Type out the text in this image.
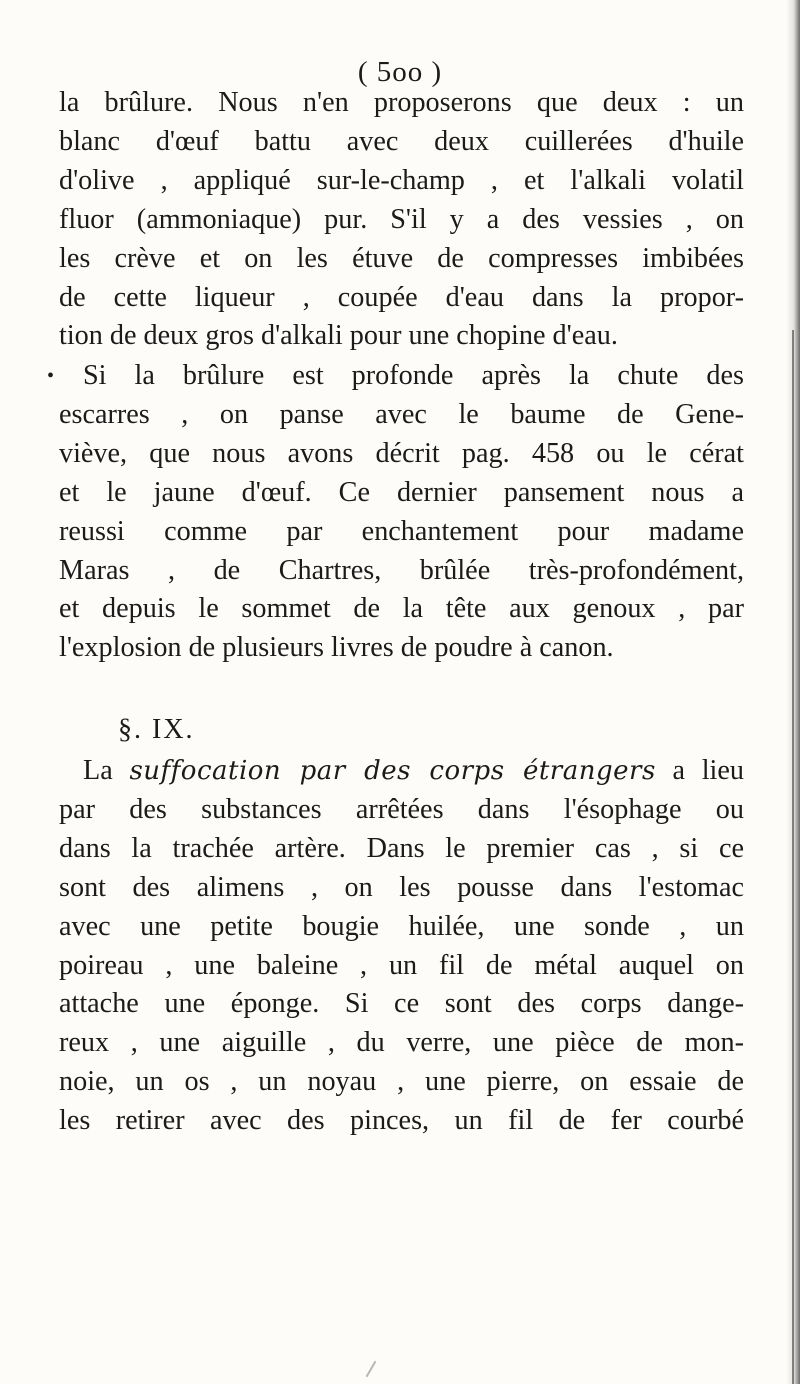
( 5oo )
la brûlure. Nous n'en proposerons que deux : un
blanc d'œuf battu avec deux cuillerées d'huile
d'olive , appliqué sur-le-champ , et l'alkali volatil
fluor (ammoniaque) pur. S'il y a des vessies , on
les crève et on les étuve de compresses imbibées
de cette liqueur , coupée d'eau dans la propor-
tion de deux gros d'alkali pour une chopine d'eau.
• Si la brûlure est profonde après la chute des
escarres , on panse avec le baume de Gene-
viève, que nous avons décrit pag. 458 ou le cérat
et le jaune d'œuf. Ce dernier pansement nous a
reussi comme par enchantement pour madame
Maras , de Chartres, brûlée très-profondément,
et depuis le sommet de la tête aux genoux , par
l'explosion de plusieurs livres de poudre à canon.
§. IX.
La suffocation par des corps étrangers a lieu
par des substances arrêtées dans l'ésophage ou
dans la trachée artère. Dans le premier cas , si ce
sont des alimens , on les pousse dans l'estomac
avec une petite bougie huilée, une sonde , un
poireau , une baleine , un fil de métal auquel on
attache une éponge. Si ce sont des corps dange-
reux , une aiguille , du verre, une pièce de mon-
noie, un os , un noyau , une pierre, on essaie de
les retirer avec des pinces, un fil de fer courbé
